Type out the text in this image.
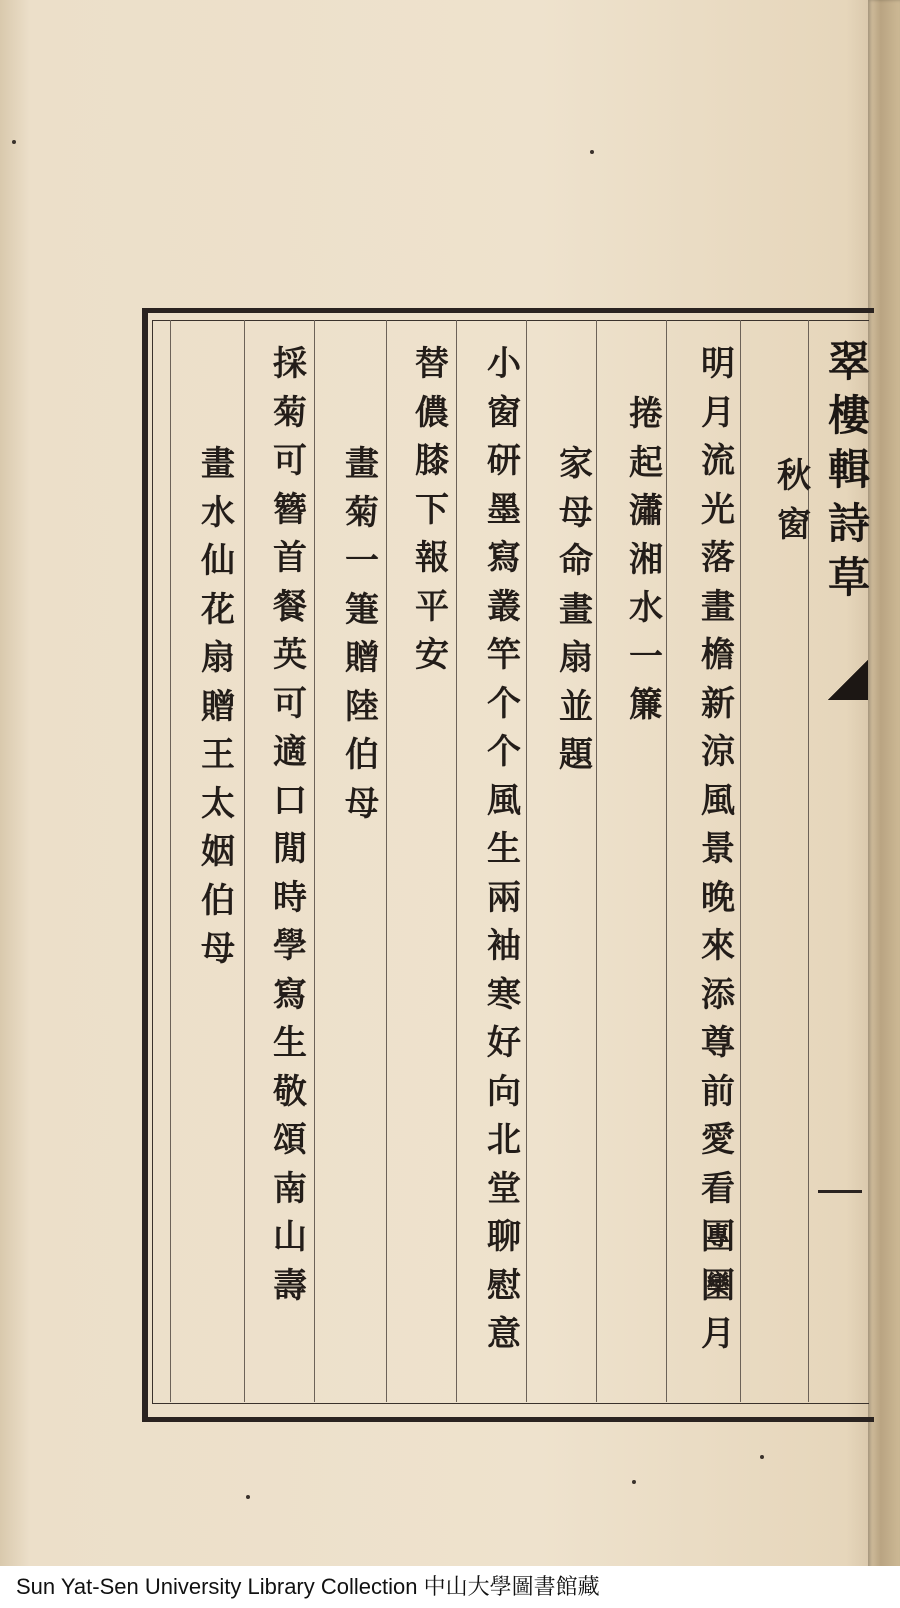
翠樓輯詩草
秋窗
明月流光落畫檐新涼風景晚來添尊前愛看團圞月
捲起瀟湘水一簾
家母命畫扇並題
小窗研墨寫叢竿个个風生兩袖寒好向北堂聊慰意
替儂膝下報平安
畫菊一箑贈陸伯母
採菊可簪首餐英可適口閒時學寫生敬頌南山壽
畫水仙花扇贈王太姻伯母
Sun Yat-Sen University Library Collection 中山大學圖書館藏
